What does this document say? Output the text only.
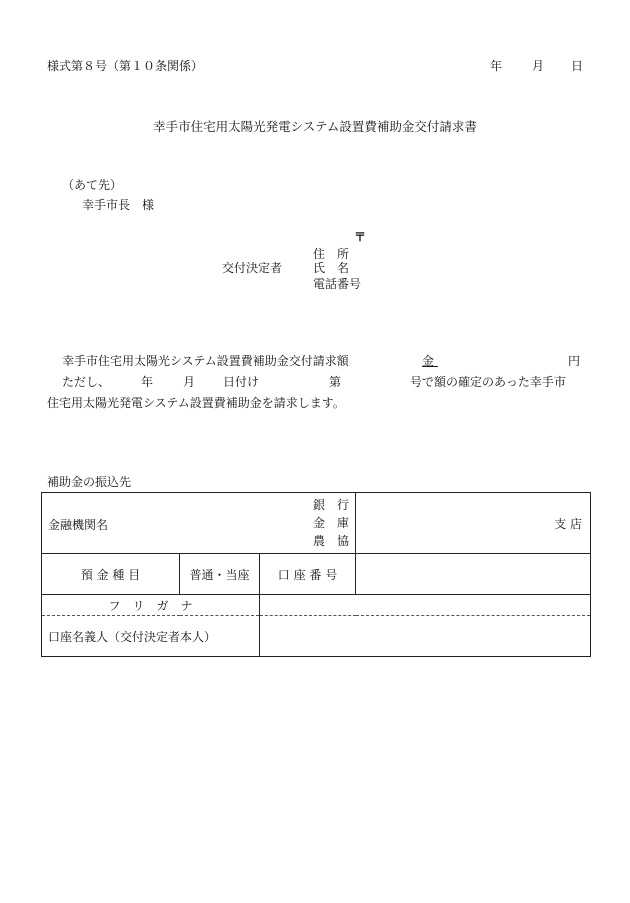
様式第８号（第１０条関係）	年 月 日
幸手市住宅用太陽光発電システム設置費補助金交付請求書
（あて先）
幸手市長　様
〒
住　所
交付決定者	氏　名
電話番号
幸手市住宅用太陽光システム設置費補助金交付請求額	金	円

ただし、	年 月 日付け	第	号で額の確定のあった幸手市
住宅用太陽光発電システム設置費補助金を請求します。
補助金の振込先
金融機関名
銀　行
金　庫
農　協			支 店
預 金 種 目	普通・当座	口 座 番 号	
フ　リ　ガ　ナ			
口座名義人（交付決定者本人）			
